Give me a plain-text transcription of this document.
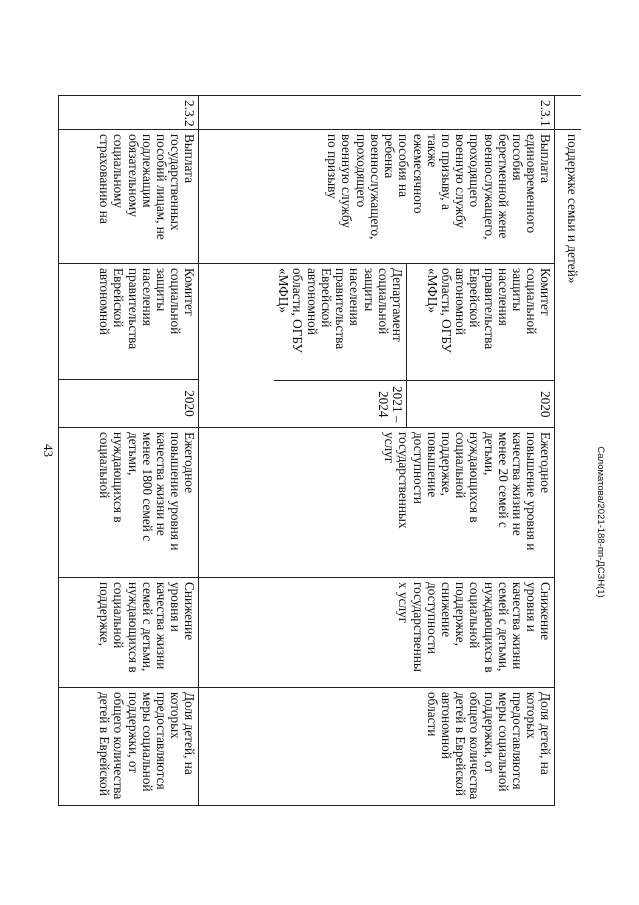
43	Саломатова/2021-188-пп-ДСЗН(1)
	поддержке семьи и детей»
2.3.1	Выплата
единовременного
пособия
беретменной жене
военнослужащего,
проходящего
военную службу
по призыву, а
также
ежемесячного
пособия на
ребенка
военнослужащего,
проходящего
военную службу
по призыву	
Комитет
социальной
защиты
населения
правительства
Еврейской
автономной
области, ОГБУ
«МФЦ»	2020
Департамент
социальной
защиты
населения
правительства
Еврейской
автономной
области, ОГБУ
«МФЦ»	2021 –
2024
	Ежегодное
повышение уровня и
качества жизни не
менее 20 семей с
детьми,
нуждающихся в
социальной
поддержке,
повышение
доступности
государственных
услуг	Снижение
уровня и
качества жизни
семей с детьми,
нуждающихся в
социальной
поддержке,
снижение
доступности
государственны
х услуг	Доля детей, на
которых
предоставляются
меры социальной
поддержки, от
общего количества
детей в Еврейской
автономной области
2.3.2	Выплата
государственных
пособий лицам, не
подлежащим
обязательному
социальному
страхованию на	Комитет
социальной
защиты
населения
правительства
Еврейской
автономной	2020	Ежегодное
повышение уровня и
качества жизни не
менее 1800 семей с
детьми,
нуждающихся в
социальной	Снижение
уровня и
качества жизни
семей с детьми,
нуждающихся в
социальной
поддержке,	Доля детей, на
которых
предоставляются
меры социальной
поддержки, от
общего количества
детей в Еврейской
